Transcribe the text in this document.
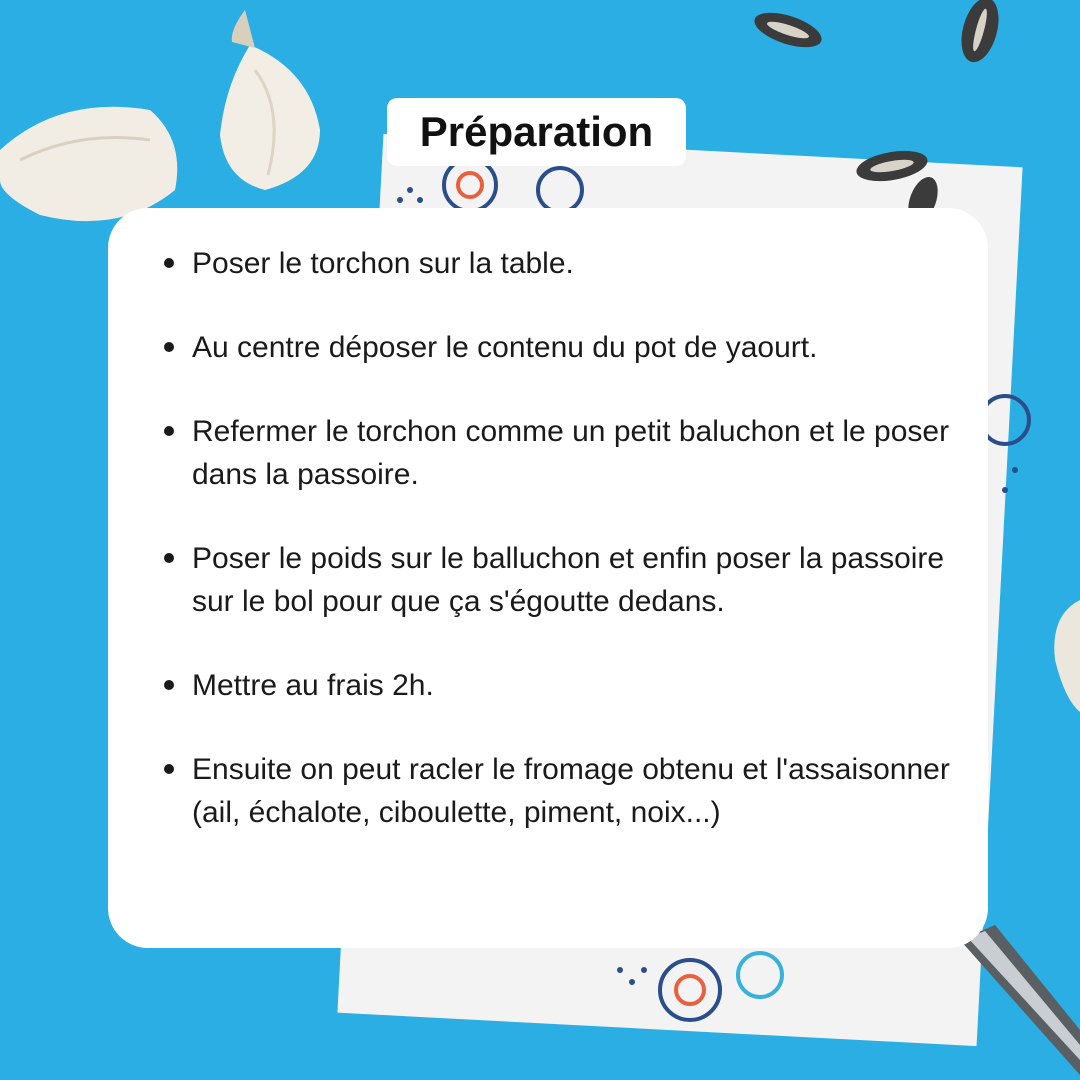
Préparation
Poser le torchon sur la table.
Au centre déposer le contenu du pot de yaourt.
Refermer le torchon comme un petit baluchon et le poser dans la passoire.
Poser le poids sur le balluchon et enfin poser la passoire sur le bol pour que ça s'égoutte dedans.
Mettre au frais 2h.
Ensuite on peut racler le fromage obtenu et l'assaisonner (ail, échalote, ciboulette, piment, noix...)
